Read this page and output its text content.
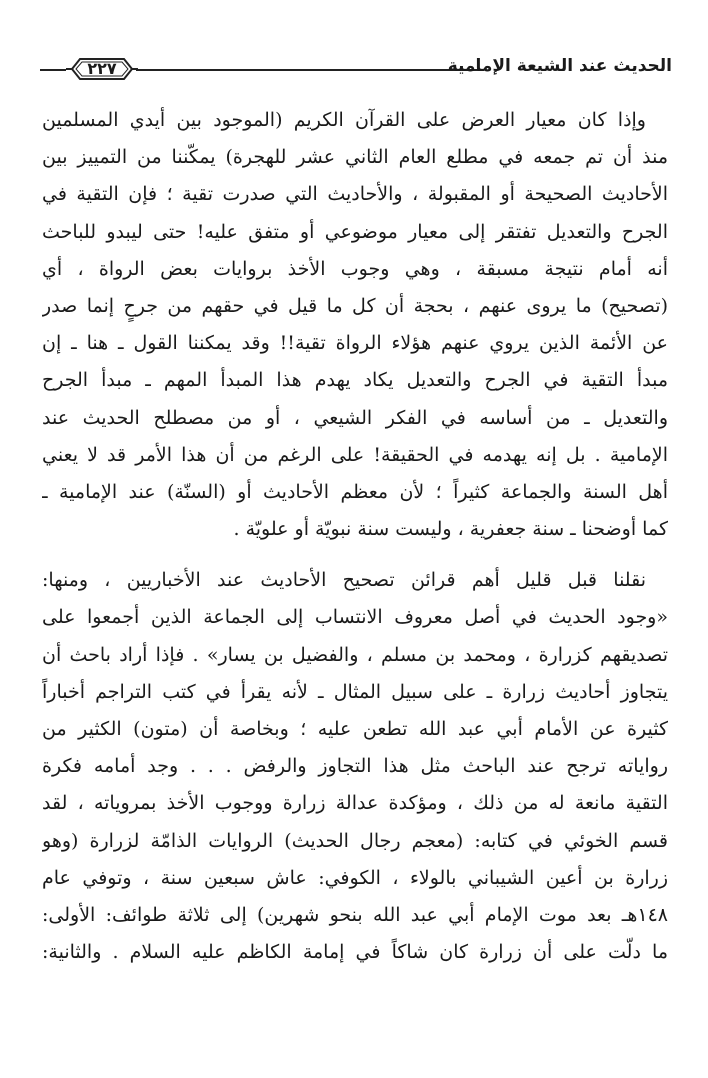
٢٢٧	الحديث عند الشيعة الإمامية
وإذا كان معيار العرض على القرآن الكريم (الموجود بين أيدي المسلمين
منذ أن تم جمعه في مطلع العام الثاني عشر للهجرة) يمكّننا من التمييز بين
الأحاديث الصحيحة أو المقبولة ، والأحاديث التي صدرت تقية ؛ فإن التقية في
الجرح والتعديل تفتقر إلى معيار موضوعي أو متفق عليه! حتى ليبدو للباحث
أنه أمام نتيجة مسبقة ، وهي وجوب الأخذ بروايات بعض الرواة ، أي
(تصحيح) ما يروى عنهم ، بحجة أن كل ما قيل في حقهم من جرحٍ إنما صدر
عن الأئمة الذين يروي عنهم هؤلاء الرواة تقية!! وقد يمكننا القول ـ هنا ـ إن
مبدأ التقية في الجرح والتعديل يكاد يهدم هذا المبدأ المهم ـ مبدأ الجرح
والتعديل ـ من أساسه في الفكر الشيعي ، أو من مصطلح الحديث عند
الإمامية . بل إنه يهدمه في الحقيقة! على الرغم من أن هذا الأمر قد لا يعني
أهل السنة والجماعة كثيراً ؛ لأن معظم الأحاديث أو (السنّة) عند الإمامية ـ
كما أوضحنا ـ سنة جعفرية ، وليست سنة نبويّة أو علويّة .
نقلنا قبل قليل أهم قرائن تصحيح الأحاديث عند الأخباريين ، ومنها:
«وجود الحديث في أصل معروف الانتساب إلى الجماعة الذين أجمعوا على
تصديقهم كزرارة ، ومحمد بن مسلم ، والفضيل بن يسار» . فإذا أراد باحث أن
يتجاوز أحاديث زرارة ـ على سبيل المثال ـ لأنه يقرأ في كتب التراجم أخباراً
كثيرة عن الأمام أبي عبد الله تطعن عليه ؛ وبخاصة أن (متون) الكثير من
رواياته ترجح عند الباحث مثل هذا التجاوز والرفض . . . وجد أمامه فكرة
التقية مانعة له من ذلك ، ومؤكدة عدالة زرارة ووجوب الأخذ بمروياته ، لقد
قسم الخوئي في كتابه: (معجم رجال الحديث) الروايات الذامّة لزرارة (وهو
زرارة بن أعين الشيباني بالولاء ، الكوفي: عاش سبعين سنة ، وتوفي عام
١٤٨هـ بعد موت الإمام أبي عبد الله بنحو شهرين) إلى ثلاثة طوائف: الأولى:
ما دلّت على أن زرارة كان شاكاً في إمامة الكاظم عليه السلام . والثانية:
